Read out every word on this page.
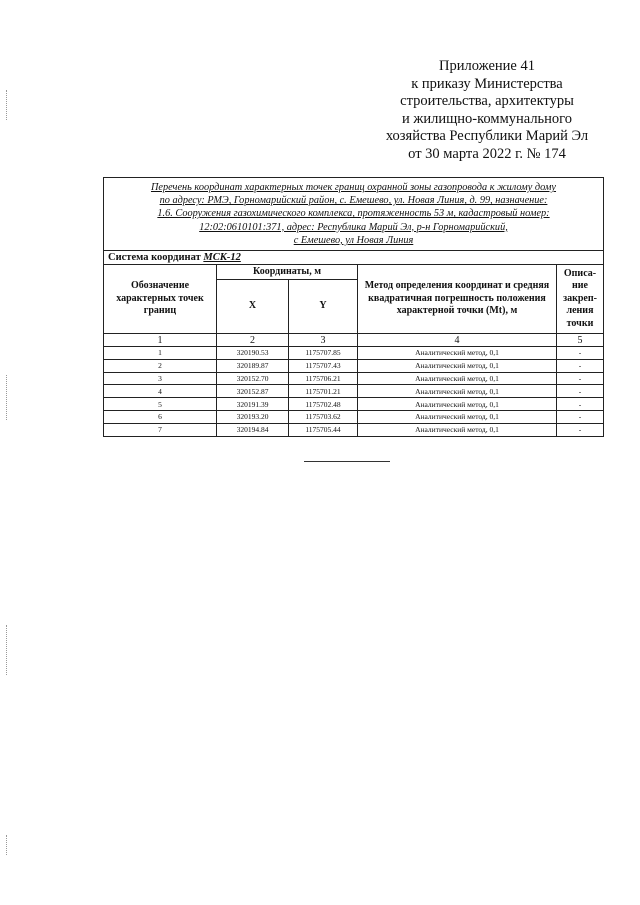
Приложение 41
к приказу Министерства
строительства, архитектуры
и жилищно-коммунального
хозяйства Республики Марий Эл
от 30 марта 2022 г. № 174
Перечень координат характерных точек границ охранной зоны газопровода к жилому дому
по адресу: РМЭ, Горномарийский район, с. Емешево, ул. Новая Линия, д. 99, назначение:
1.6. Сооружения газохимического комплекса, протяженность 53 м, кадастровый номер:
12:02:0610101:371, адрес: Республика Марий Эл, р-н Горномарийский,
с Емешево, ул Новая Линия				

Система координат МСК-12				
Обозначение характерных точек границ	Координаты, м		Метод определения координат и средняя квадратичная погрешность положения характерной точки (Mt), м	Описа-ние закреп-ления точки
	X	Y		
1	2	3	4	5
1	320190.53	1175707.85	Аналитический метод, 0,1	-
2	320189.87	1175707.43	Аналитический метод, 0,1	-
3	320152.70	1175706.21	Аналитический метод, 0,1	-
4	320152.87	1175701.21	Аналитический метод, 0,1	-
5	320191.39	1175702.48	Аналитический метод, 0,1	-
6	320193.20	1175703.62	Аналитический метод, 0,1	-
7	320194.84	1175705.44	Аналитический метод, 0,1	-
